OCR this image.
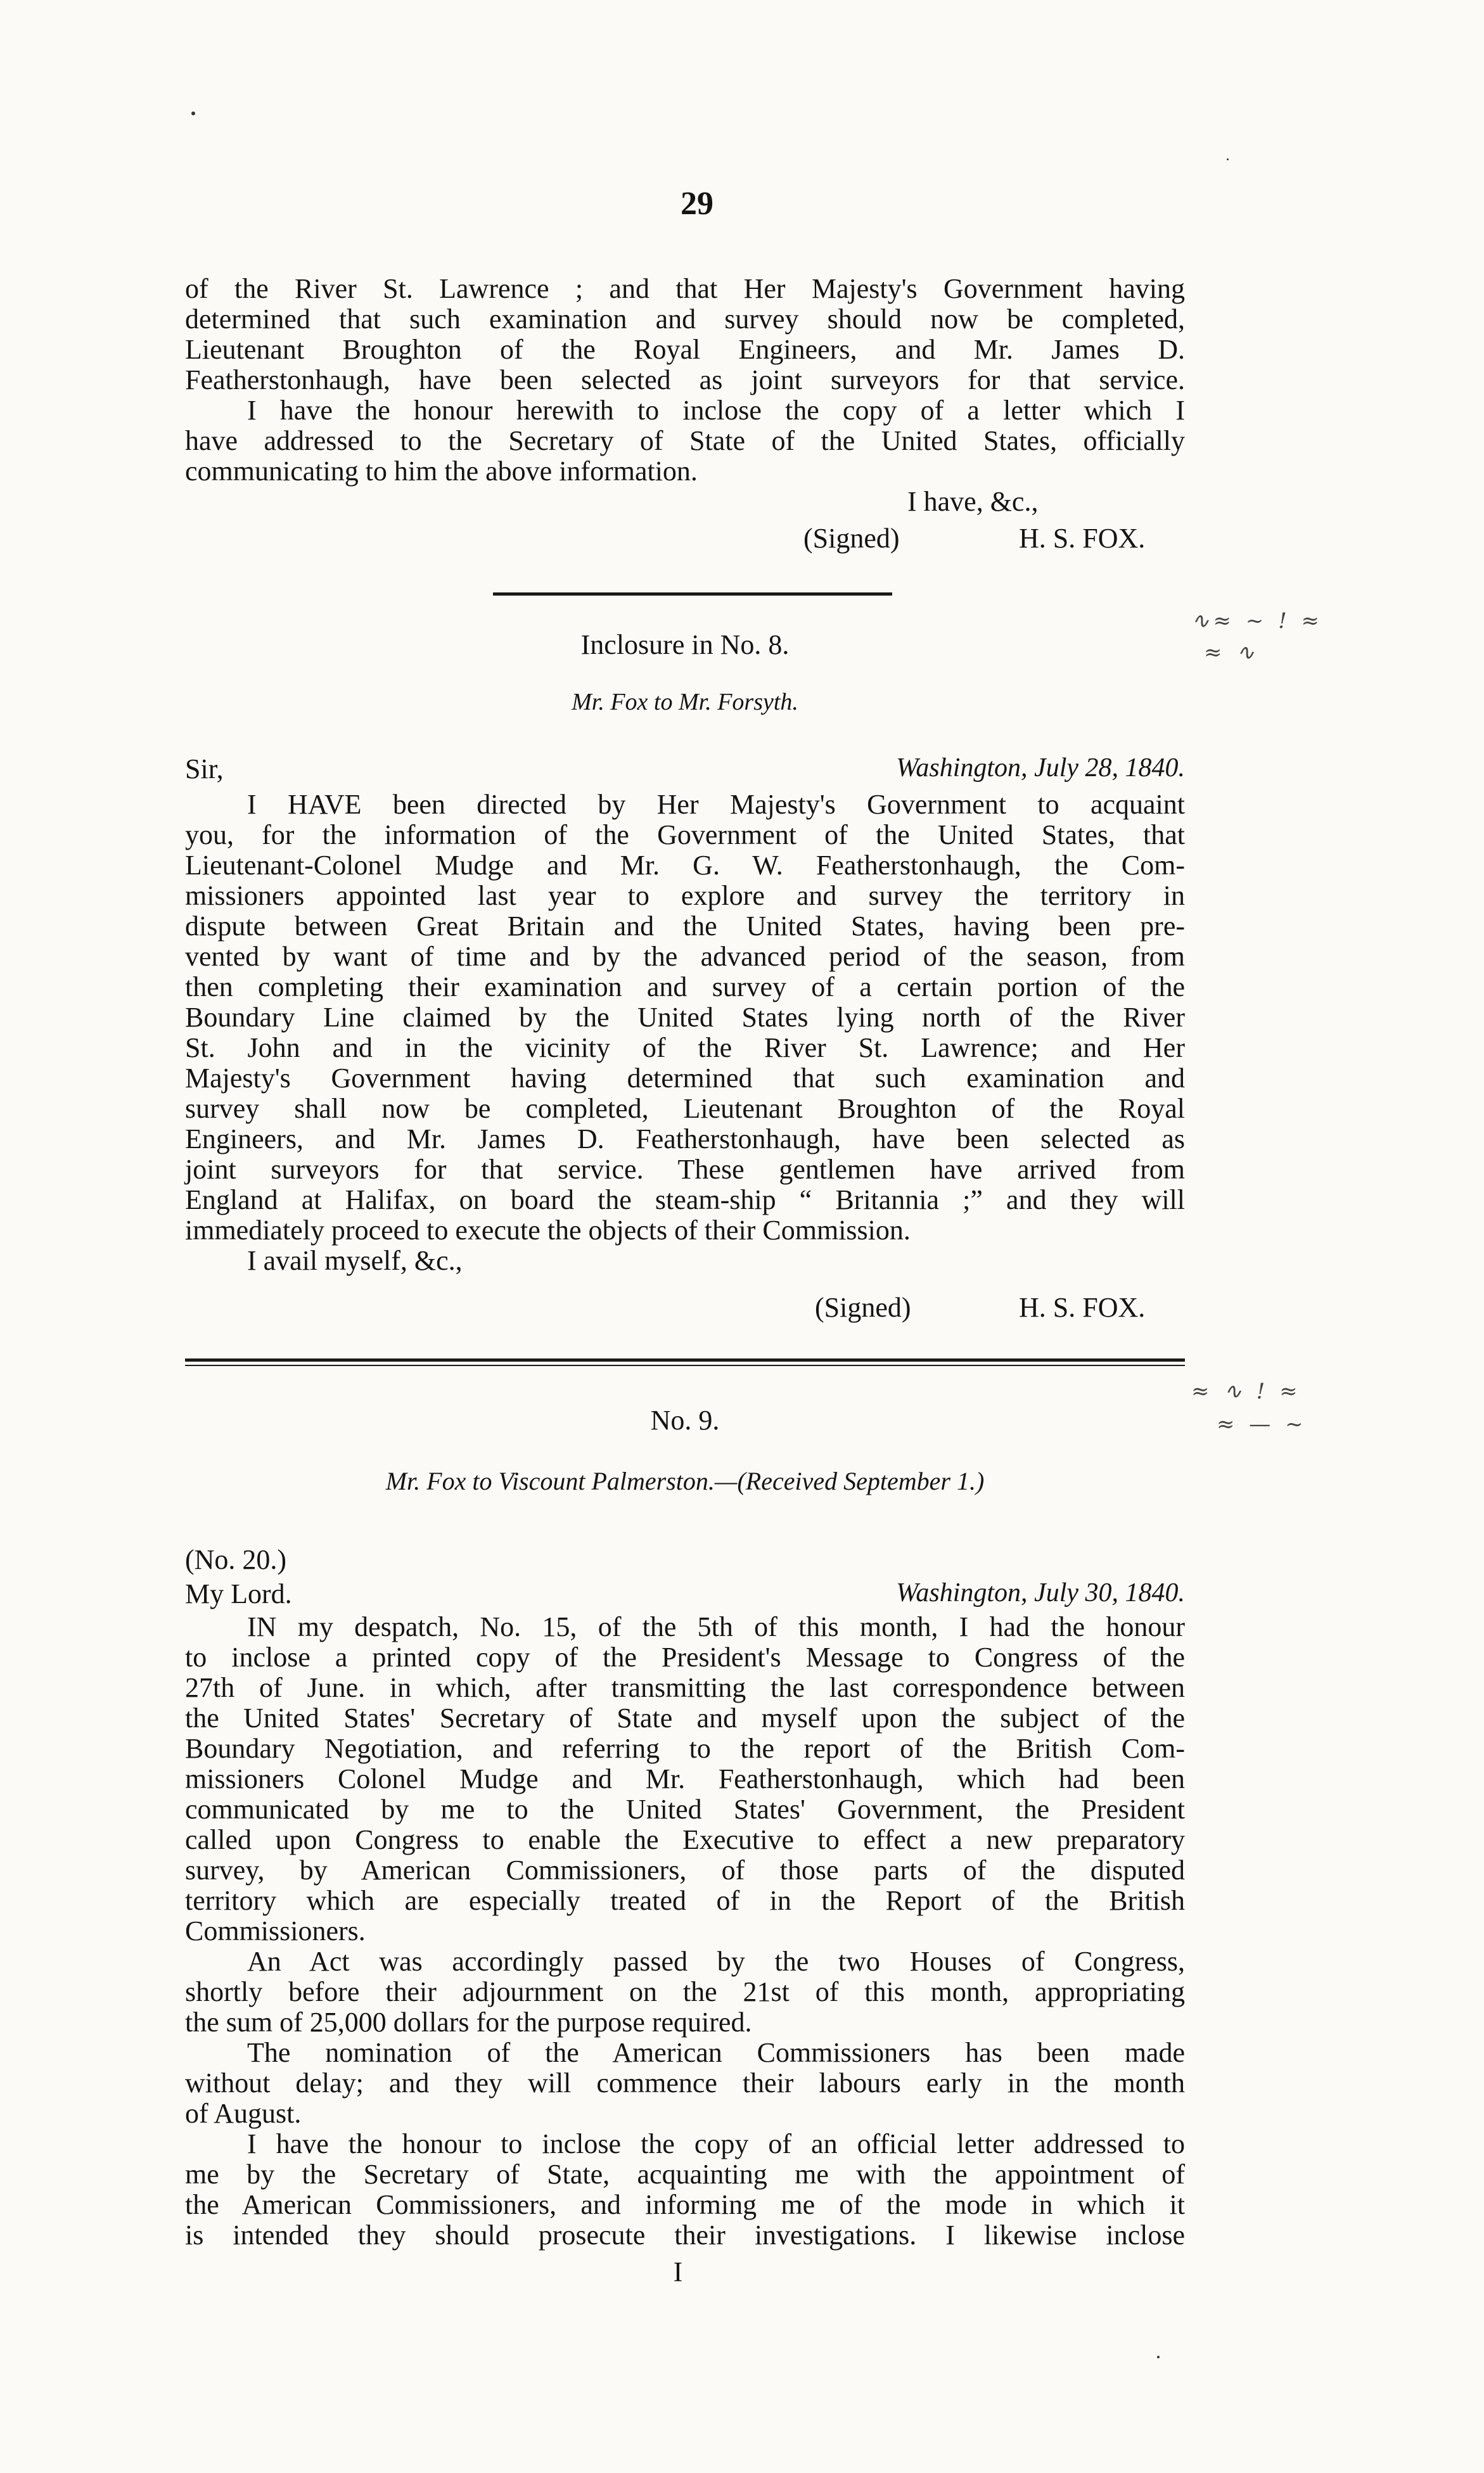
29
of the River St. Lawrence ; and that Her Majesty's Government having
determined that such examination and survey should now be completed,
Lieutenant Broughton of the Royal Engineers, and Mr. James D.
Featherstonhaugh, have been selected as joint surveyors for that service.
I have the honour herewith to inclose the copy of a letter which I
have addressed to the Secretary of State of the United States, officially
communicating to him the above information.
I have, &c.,
(Signed)	H. S. FOX.
Inclosure in No. 8.
Mr. Fox to Mr. Forsyth.
∿≈ ~ ! ≈
≈ ∿
Sir,	Washington, July 28, 1840.
I HAVE been directed by Her Majesty's Government to acquaint
you, for the information of the Government of the United States, that
Lieutenant-Colonel Mudge and Mr. G. W. Featherstonhaugh, the Com-
missioners appointed last year to explore and survey the territory in
dispute between Great Britain and the United States, having been pre-
vented by want of time and by the advanced period of the season, from
then completing their examination and survey of a certain portion of the
Boundary Line claimed by the United States lying north of the River
St. John and in the vicinity of the River St. Lawrence; and Her
Majesty's Government having determined that such examination and
survey shall now be completed, Lieutenant Broughton of the Royal
Engineers, and Mr. James D. Featherstonhaugh, have been selected as
joint surveyors for that service. These gentlemen have arrived from
England at Halifax, on board the steam-ship “ Britannia ;” and they will
immediately proceed to execute the objects of their Commission.
I avail myself, &c.,
(Signed)	H. S. FOX.
No. 9.
≈ ∿ ! ≈
≈ — ~
Mr. Fox to Viscount Palmerston.—(Received September 1.)
(No. 20.)
My Lord.	Washington, July 30, 1840.
IN my despatch, No. 15, of the 5th of this month, I had the honour
to inclose a printed copy of the President's Message to Congress of the
27th of June. in which, after transmitting the last correspondence between
the United States' Secretary of State and myself upon the subject of the
Boundary Negotiation, and referring to the report of the British Com-
missioners Colonel Mudge and Mr. Featherstonhaugh, which had been
communicated by me to the United States' Government, the President
called upon Congress to enable the Executive to effect a new preparatory
survey, by American Commissioners, of those parts of the disputed
territory which are especially treated of in the Report of the British
Commissioners.
An Act was accordingly passed by the two Houses of Congress,
shortly before their adjournment on the 21st of this month, appropriating
the sum of 25,000 dollars for the purpose required.
The nomination of the American Commissioners has been made
without delay; and they will commence their labours early in the month
of August.
I have the honour to inclose the copy of an official letter addressed to
me by the Secretary of State, acquainting me with the appointment of
the American Commissioners, and informing me of the mode in which it
is intended they should prosecute their investigations. I likewise inclose
I
